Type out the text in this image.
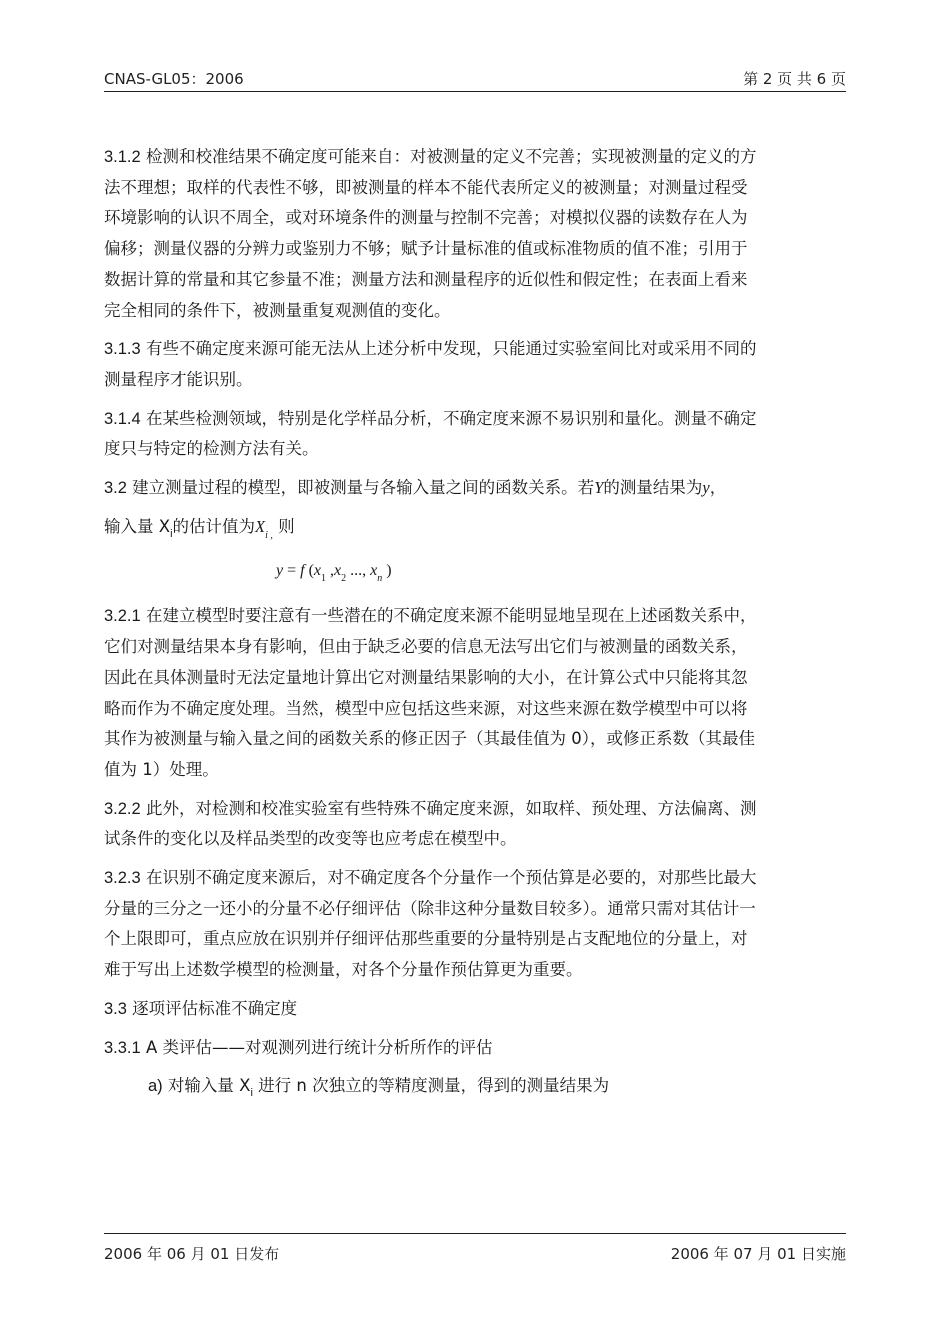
CNAS-GL05：2006	第 2 页 共 6 页
3.1.2 检测和校准结果不确定度可能来自：对被测量的定义不完善；实现被测量的定义的方
法不理想；取样的代表性不够，即被测量的样本不能代表所定义的被测量；对测量过程受
环境影响的认识不周全，或对环境条件的测量与控制不完善；对模拟仪器的读数存在人为
偏移；测量仪器的分辨力或鉴别力不够；赋予计量标准的值或标准物质的值不准；引用于
数据计算的常量和其它参量不准；测量方法和测量程序的近似性和假定性；在表面上看来
完全相同的条件下，被测量重复观测值的变化。
3.1.3 有些不确定度来源可能无法从上述分析中发现，只能通过实验室间比对或采用不同的
测量程序才能识别。
3.1.4 在某些检测领域，特别是化学样品分析，不确定度来源不易识别和量化。测量不确定
度只与特定的检测方法有关。
3.2 建立测量过程的模型，即被测量与各输入量之间的函数关系。若Y的测量结果为y，
输入量 $X_i$的估计值为$X_{i ,}$ 则
y = f ($x_1$ $,x_2$ ..., $x_n$ )
3.2.1 在建立模型时要注意有一些潜在的不确定度来源不能明显地呈现在上述函数关系中，
它们对测量结果本身有影响，但由于缺乏必要的信息无法写出它们与被测量的函数关系，
因此在具体测量时无法定量地计算出它对测量结果影响的大小，在计算公式中只能将其忽
略而作为不确定度处理。当然，模型中应包括这些来源，对这些来源在数学模型中可以将
其作为被测量与输入量之间的函数关系的修正因子（其最佳值为 0），或修正系数（其最佳
值为 1）处理。
3.2.2 此外，对检测和校准实验室有些特殊不确定度来源，如取样、预处理、方法偏离、测
试条件的变化以及样品类型的改变等也应考虑在模型中。
3.2.3 在识别不确定度来源后，对不确定度各个分量作一个预估算是必要的，对那些比最大
分量的三分之一还小的分量不必仔细评估（除非这种分量数目较多）。通常只需对其估计一
个上限即可，重点应放在识别并仔细评估那些重要的分量特别是占支配地位的分量上，对
难于写出上述数学模型的检测量，对各个分量作预估算更为重要。
3.3 逐项评估标准不确定度
3.3.1 A 类评估——对观测列进行统计分析所作的评估
a) 对输入量 $X_i$ 进行 n 次独立的等精度测量，得到的测量结果为
2006 年 06 月 01 日发布	2006 年 07 月 01 日实施
